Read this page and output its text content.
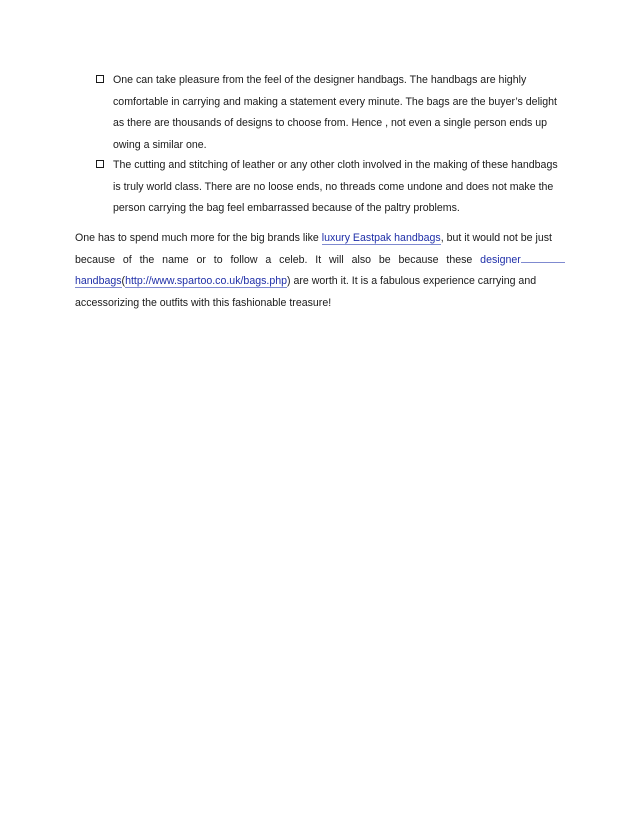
One can take pleasure from the feel of the designer handbags. The handbags are highly
comfortable in carrying and making a statement every minute. The bags are the buyer’s delight
as there are thousands of designs to choose from. Hence , not even a single person ends up
owing a similar one.
The cutting and stitching of leather or any other cloth involved in the making of these handbags
is truly world class. There are no loose ends, no threads come undone and does not make the
person carrying the bag feel embarrassed because of the paltry problems.
One has to spend much more for the big brands like luxury Eastpak handbags, but it would not be just
because of the name or to follow a celeb. It will also be because these designer
handbags(http://www.spartoo.co.uk/bags.php) are worth it. It is a fabulous experience carrying and
accessorizing the outfits with this fashionable treasure!
